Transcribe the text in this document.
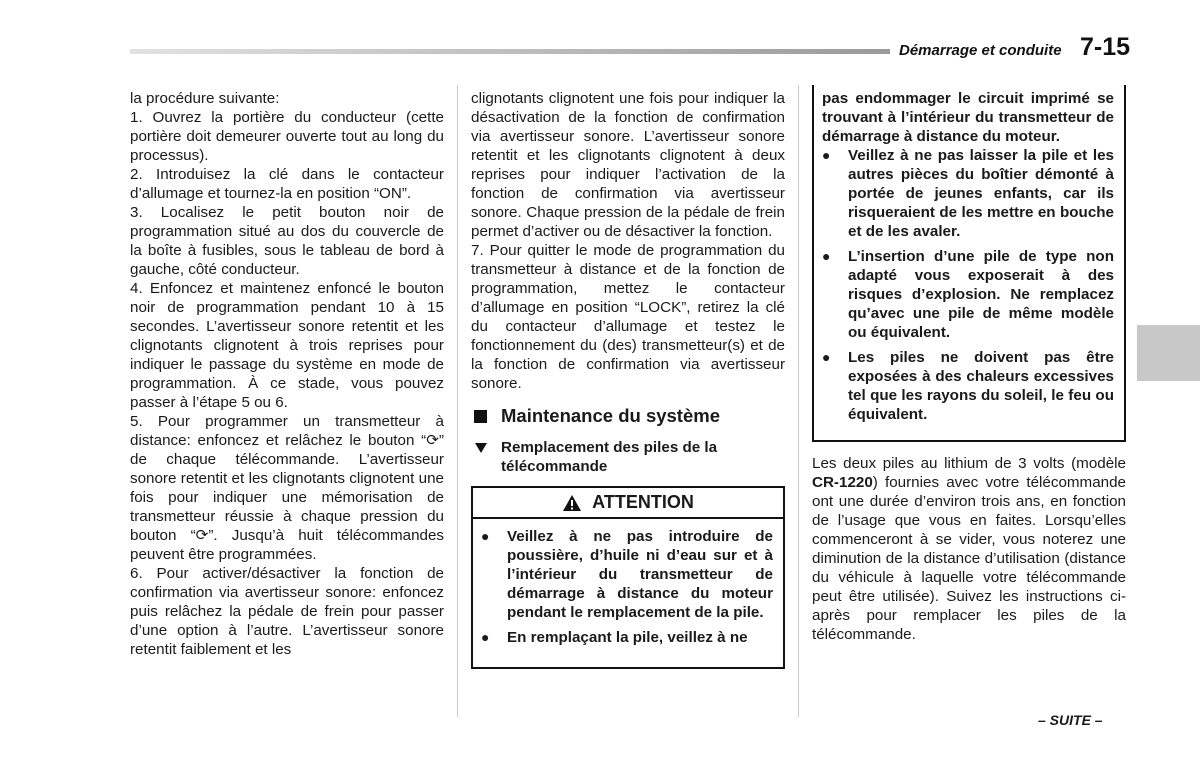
Démarrage et conduite 7-15

la procédure suivante:

1. Ouvrez la portière du conducteur (cette portière doit demeurer ouverte tout au long du processus).

2. Introduisez la clé dans le contacteur d’allumage et tournez-la en position “ON”.

3. Localisez le petit bouton noir de programmation situé au dos du couvercle de la boîte à fusibles, sous le tableau de bord à gauche, côté conducteur.

4. Enfoncez et maintenez enfoncé le bouton noir de programmation pendant 10 à 15 secondes. L’avertisseur sonore retentit et les clignotants clignotent à trois reprises pour indiquer le passage du système en mode de programmation. À ce stade, vous pouvez passer à l’étape 5 ou 6.

5. Pour programmer un transmetteur à distance: enfoncez et relâchez le bouton “⟳” de chaque télécommande. L’avertisseur sonore retentit et les clignotants clignotent une fois pour indiquer une mémorisation de transmetteur réussie à chaque pression du bouton “⟳”. Jusqu’à huit télécommandes peuvent être programmées.

6. Pour activer/désactiver la fonction de confirmation via avertisseur sonore: enfoncez puis relâchez la pédale de frein pour passer d’une option à l’autre. L’avertisseur sonore retentit faiblement et les

clignotants clignotent une fois pour indiquer la désactivation de la fonction de confirmation via avertisseur sonore. L’avertisseur sonore retentit et les clignotants clignotent à deux reprises pour indiquer l’activation de la fonction de confirmation via avertisseur sonore. Chaque pression de la pédale de frein permet d’activer ou de désactiver la fonction.

7. Pour quitter le mode de programmation du transmetteur à distance et de la fonction de programmation, mettez le contacteur d’allumage en position “LOCK”, retirez la clé du contacteur d’allumage et testez le fonctionnement du (des) transmetteur(s) et de la fonction de confirmation via avertisseur sonore.

Maintenance du système
Remplacement des piles de la télécommande
ATTENTION
●	Veillez à ne pas introduire de poussière, d’huile ni d’eau sur et à l’intérieur du transmetteur de démarrage à distance du moteur pendant le remplacement de la pile.
●	En remplaçant la pile, veillez à ne

pas endommager le circuit imprimé se trouvant à l’intérieur du transmetteur de démarrage à distance du moteur.

●	Veillez à ne pas laisser la pile et les autres pièces du boîtier démonté à portée de jeunes enfants, car ils risqueraient de les mettre en bouche et de les avaler.
●	L’insertion d’une pile de type non adapté vous exposerait à des risques d’explosion. Ne remplacez qu’avec une pile de même modèle ou équivalent.
●	Les piles ne doivent pas être exposées à des chaleurs excessives tel que les rayons du soleil, le feu ou équivalent.

Les deux piles au lithium de 3 volts (modèle CR-1220) fournies avec votre télécommande ont une durée d’environ trois ans, en fonction de l’usage que vous en faites. Lorsqu’elles commenceront à se vider, vous noterez une diminution de la distance d’utilisation (distance du véhicule à laquelle votre télécommande peut être utilisée). Suivez les instructions ci-après pour remplacer les piles de la télécommande.

– SUITE –
